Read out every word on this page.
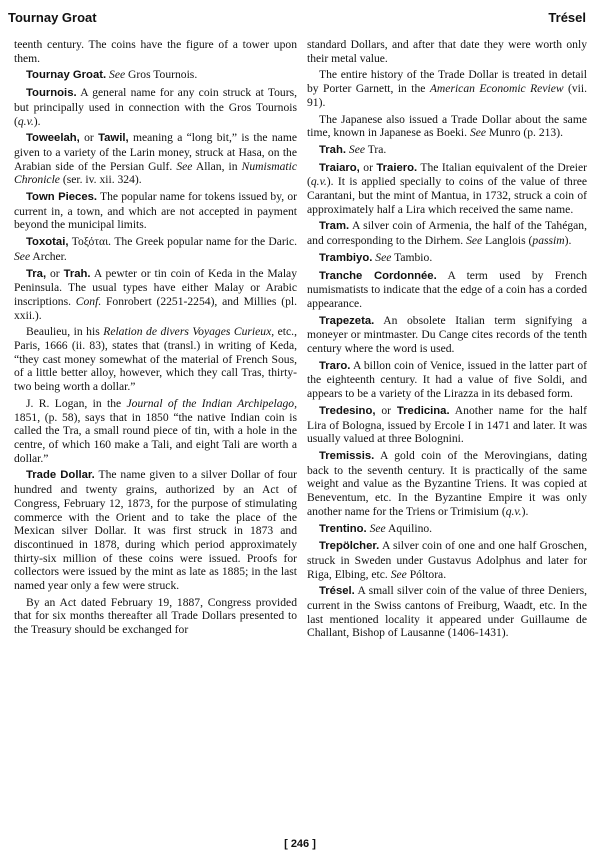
Tournay Groat	Trésel

teenth century. The coins have the figure of a tower upon them.

Tournay Groat. See Gros Tournois.

Tournois. A general name for any coin struck at Tours, but principally used in connection with the Gros Tournois (q.v.).

Toweelah, or Tawil, meaning a “long bit,” is the name given to a variety of the Larin money, struck at Hasa, on the Arabian side of the Persian Gulf. See Allan, in Numismatic Chronicle (ser. iv. xii. 324).

Town Pieces. The popular name for tokens issued by, or current in, a town, and which are not accepted in payment beyond the municipal limits.

Toxotai, Τοξόται. The Greek popular name for the Daric. See Archer.

Tra, or Trah. A pewter or tin coin of Keda in the Malay Peninsula. The usual types have either Malay or Arabic inscriptions. Conf. Fonrobert (2251-2254), and Millies (pl. xxii.).

Beaulieu, in his Relation de divers Voyages Curieux, etc., Paris, 1666 (ii. 83), states that (transl.) in writing of Keda, “they cast money somewhat of the material of French Sous, of a little better alloy, however, which they call Tras, thirty-two being worth a dollar.”

J. R. Logan, in the Journal of the Indian Archipelago, 1851, (p. 58), says that in 1850 “the native Indian coin is called the Tra, a small round piece of tin, with a hole in the centre, of which 160 make a Tali, and eight Tali are worth a dollar.”

Trade Dollar. The name given to a silver Dollar of four hundred and twenty grains, authorized by an Act of Congress, February 12, 1873, for the purpose of stimulating commerce with the Orient and to take the place of the Mexican silver Dollar. It was first struck in 1873 and discontinued in 1878, during which period approximately thirty-six million of these coins were issued. Proofs for collectors were issued by the mint as late as 1885; in the last named year only a few were struck.

By an Act dated February 19, 1887, Congress provided that for six months thereafter all Trade Dollars presented to the Treasury should be exchanged for

standard Dollars, and after that date they were worth only their metal value.

The entire history of the Trade Dollar is treated in detail by Porter Garnett, in the American Economic Review (vii. 91).

The Japanese also issued a Trade Dollar about the same time, known in Japanese as Boeki. See Munro (p. 213).

Trah. See Tra.

Traiaro, or Traiero. The Italian equivalent of the Dreier (q.v.). It is applied specially to coins of the value of three Carantani, but the mint of Mantua, in 1732, struck a coin of approximately half a Lira which received the same name.

Tram. A silver coin of Armenia, the half of the Tahégan, and corresponding to the Dirhem. See Langlois (passim).

Trambiyo. See Tambio.

Tranche Cordonnée. A term used by French numismatists to indicate that the edge of a coin has a corded appearance.

Trapezeta. An obsolete Italian term signifying a moneyer or mintmaster. Du Cange cites records of the tenth century where the word is used.

Traro. A billon coin of Venice, issued in the latter part of the eighteenth century. It had a value of five Soldi, and appears to be a variety of the Lirazza in its debased form.

Tredesino, or Tredicina. Another name for the half Lira of Bologna, issued by Ercole I in 1471 and later. It was usually valued at three Bolognini.

Tremissis. A gold coin of the Merovingians, dating back to the seventh century. It is practically of the same weight and value as the Byzantine Triens. It was copied at Beneventum, etc. In the Byzantine Empire it was only another name for the Triens or Trimisium (q.v.).

Trentino. See Aquilino.

Trepölcher. A silver coin of one and one half Groschen, struck in Sweden under Gustavus Adolphus and later for Riga, Elbing, etc. See Póltora.

Trésel. A small silver coin of the value of three Deniers, current in the Swiss cantons of Freiburg, Waadt, etc. In the last mentioned locality it appeared under Guillaume de Challant, Bishop of Lausanne (1406-1431).

[ 246 ]
